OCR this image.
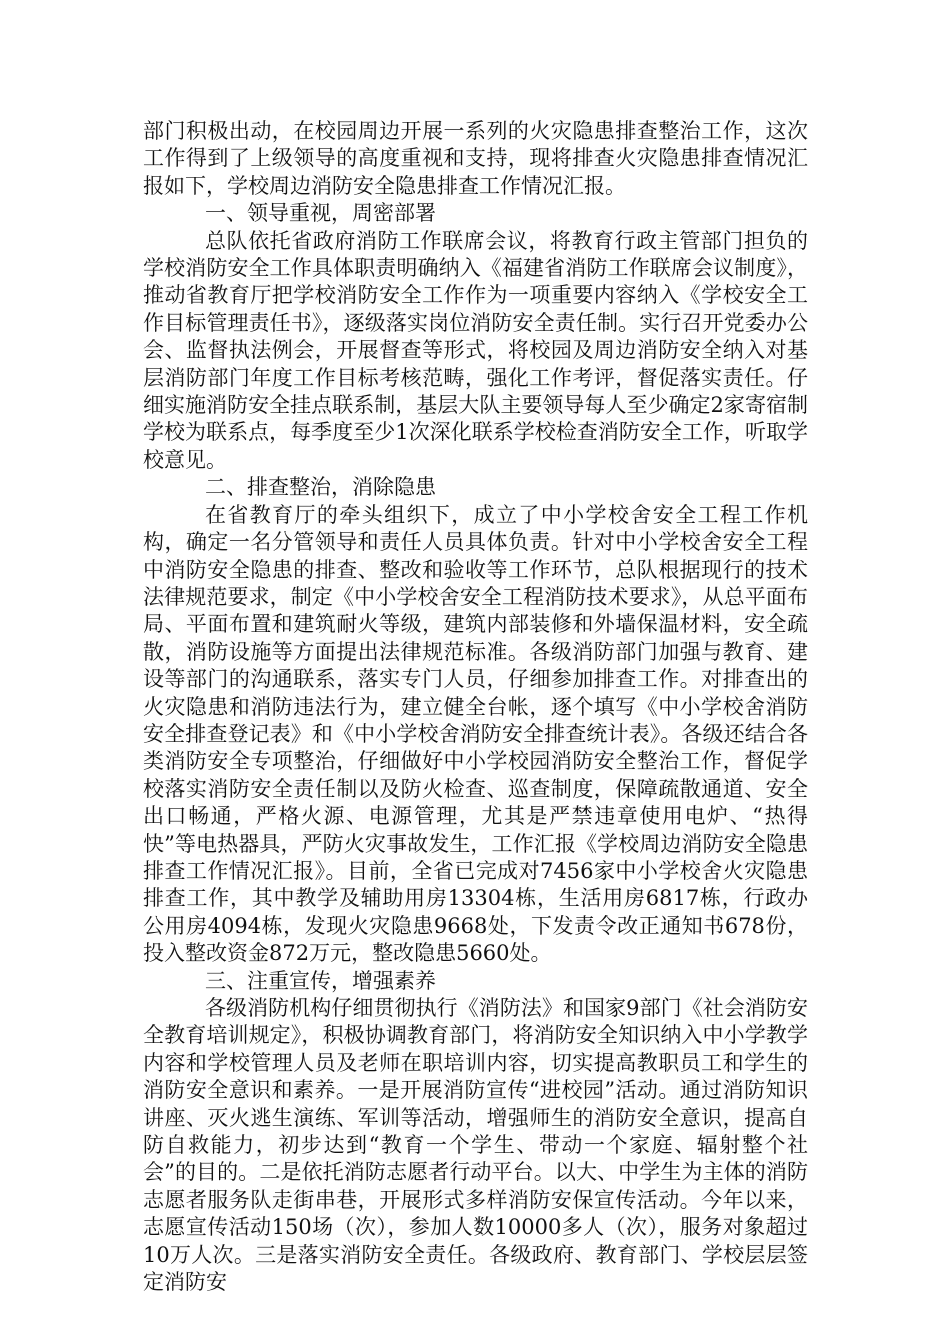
部门积极出动，在校园周边开展一系列的火灾隐患排查整治工作，这次工作得到了上级领导的高度重视和支持，现将排查火灾隐患排查情况汇报如下，学校周边消防安全隐患排查工作情况汇报。

一、领导重视，周密部署

总队依托省政府消防工作联席会议，将教育行政主管部门担负的学校消防安全工作具体职责明确纳入《福建省消防工作联席会议制度》，推动省教育厅把学校消防安全工作作为一项重要内容纳入《学校安全工作目标管理责任书》，逐级落实岗位消防安全责任制。实行召开党委办公会、监督执法例会，开展督查等形式，将校园及周边消防安全纳入对基层消防部门年度工作目标考核范畴，强化工作考评，督促落实责任。仔细实施消防安全挂点联系制，基层大队主要领导每人至少确定2家寄宿制学校为联系点，每季度至少1次深化联系学校检查消防安全工作，听取学校意见。

二、排查整治，消除隐患

在省教育厅的牵头组织下，成立了中小学校舍安全工程工作机构，确定一名分管领导和责任人员具体负责。针对中小学校舍安全工程中消防安全隐患的排查、整改和验收等工作环节，总队根据现行的技术法律规范要求，制定《中小学校舍安全工程消防技术要求》，从总平面布局、平面布置和建筑耐火等级，建筑内部装修和外墙保温材料，安全疏散，消防设施等方面提出法律规范标准。各级消防部门加强与教育、建设等部门的沟通联系，落实专门人员，仔细参加排查工作。对排查出的火灾隐患和消防违法行为，建立健全台帐，逐个填写《中小学校舍消防安全排查登记表》和《中小学校舍消防安全排查统计表》。各级还结合各类消防安全专项整治，仔细做好中小学校园消防安全整治工作，督促学校落实消防安全责任制以及防火检查、巡查制度，保障疏散通道、安全出口畅通，严格火源、电源管理，尤其是严禁违章使用电炉、“热得快”等电热器具，严防火灾事故发生，工作汇报《学校周边消防安全隐患排查工作情况汇报》。目前，全省已完成对7456家中小学校舍火灾隐患排查工作，其中教学及辅助用房13304栋，生活用房6817栋，行政办公用房4094栋，发现火灾隐患9668处，下发责令改正通知书678份，投入整改资金872万元，整改隐患5660处。

三、注重宣传，增强素养

各级消防机构仔细贯彻执行《消防法》和国家9部门《社会消防安全教育培训规定》，积极协调教育部门，将消防安全知识纳入中小学教学内容和学校管理人员及老师在职培训内容，切实提高教职员工和学生的消防安全意识和素养。一是开展消防宣传“进校园”活动。通过消防知识讲座、灭火逃生演练、军训等活动，增强师生的消防安全意识，提高自防自救能力，初步达到“教育一个学生、带动一个家庭、辐射整个社会”的目的。二是依托消防志愿者行动平台。以大、中学生为主体的消防志愿者服务队走街串巷，开展形式多样消防安保宣传活动。今年以来，志愿宣传活动150场（次），参加人数10000多人（次），服务对象超过10万人次。三是落实消防安全责任。各级政府、教育部门、学校层层签定消防安
